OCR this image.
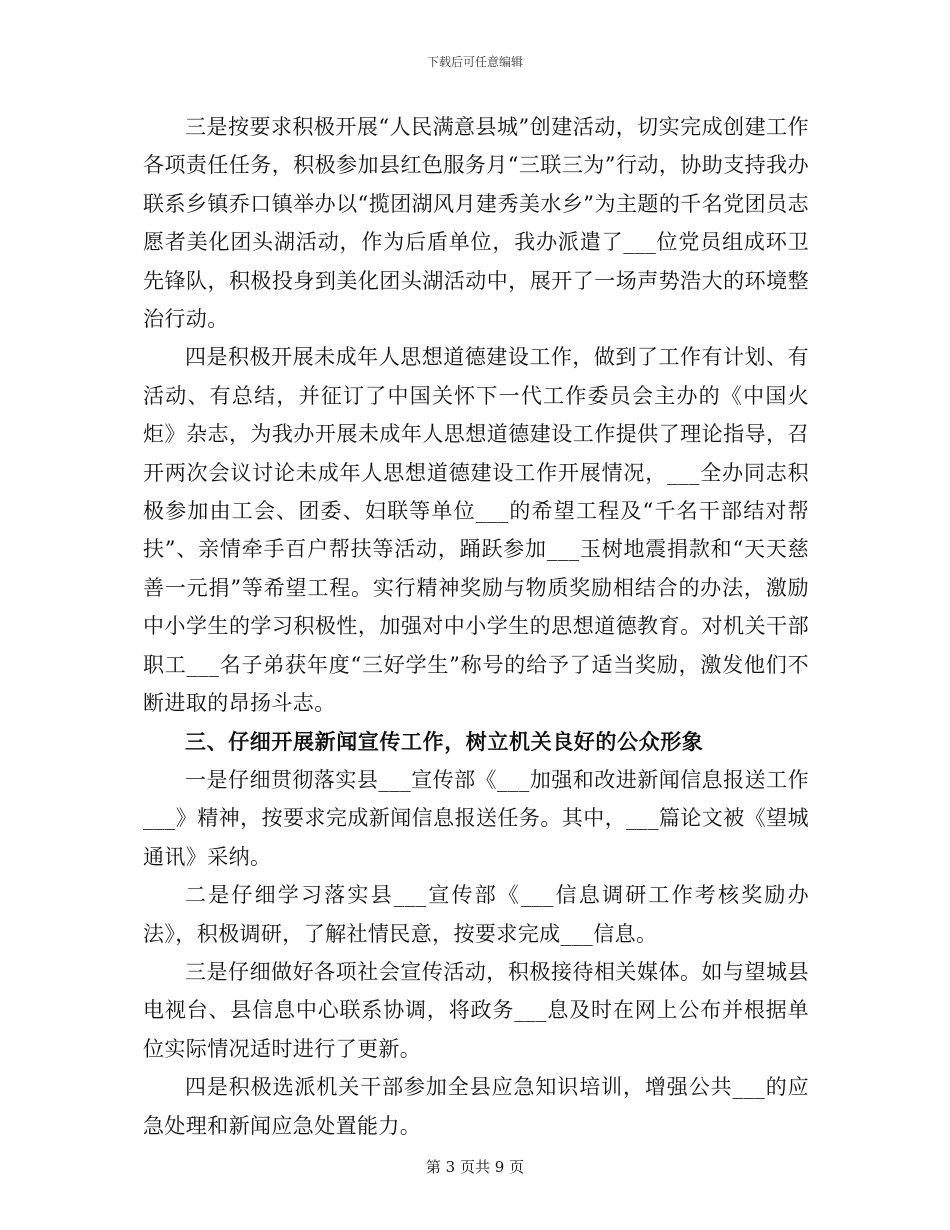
下载后可任意编辑

三是按要求积极开展“人民满意县城”创建活动，切实完成创建工作各项责任任务，积极参加县红色服务月“三联三为”行动，协助支持我办联系乡镇乔口镇举办以“揽团湖风月建秀美水乡”为主题的千名党团员志愿者美化团头湖活动，作为后盾单位，我办派遣了___位党员组成环卫先锋队，积极投身到美化团头湖活动中，展开了一场声势浩大的环境整治行动。

四是积极开展未成年人思想道德建设工作，做到了工作有计划、有活动、有总结，并征订了中国关怀下一代工作委员会主办的《中国火炬》杂志，为我办开展未成年人思想道德建设工作提供了理论指导，召开两次会议讨论未成年人思想道德建设工作开展情况，___全办同志积极参加由工会、团委、妇联等单位___的希望工程及“千名干部结对帮扶”、亲情牵手百户帮扶等活动，踊跃参加___玉树地震捐款和“天天慈善一元捐”等希望工程。实行精神奖励与物质奖励相结合的办法，激励中小学生的学习积极性，加强对中小学生的思想道德教育。对机关干部职工___名子弟获年度“三好学生”称号的给予了适当奖励，激发他们不断进取的昂扬斗志。

三、仔细开展新闻宣传工作，树立机关良好的公众形象

一是仔细贯彻落实县___宣传部《___加强和改进新闻信息报送工作___》精神，按要求完成新闻信息报送任务。其中，___篇论文被《望城通讯》采纳。

二是仔细学习落实县___宣传部《___信息调研工作考核奖励办法》，积极调研，了解社情民意，按要求完成___信息。

三是仔细做好各项社会宣传活动，积极接待相关媒体。如与望城县电视台、县信息中心联系协调，将政务___息及时在网上公布并根据单位实际情况适时进行了更新。

四是积极选派机关干部参加全县应急知识培训，增强公共___的应急处理和新闻应急处置能力。

第 3 页共 9 页
